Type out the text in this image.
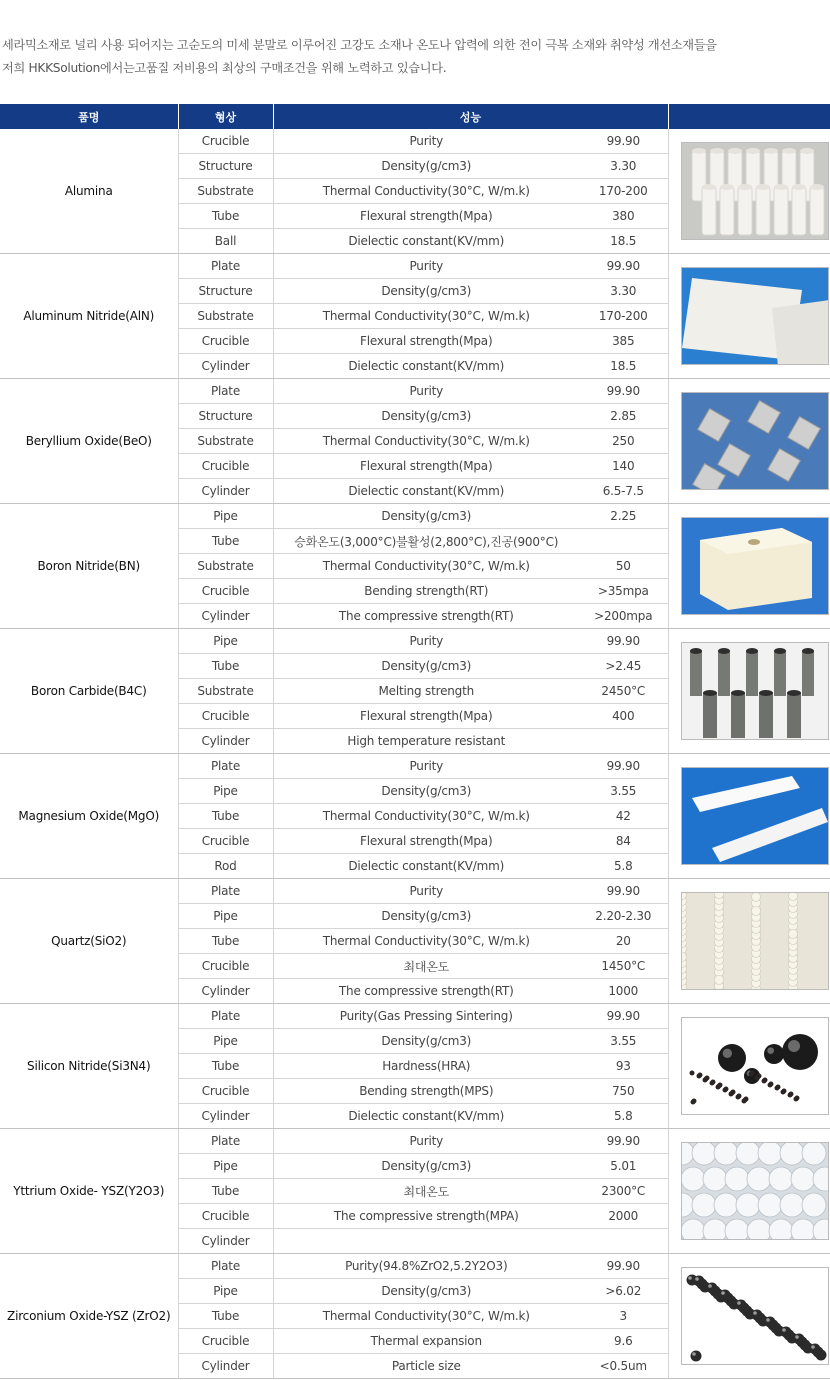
세라믹소재로 널리 사용 되어지는 고순도의 미세 분말로 이루어진 고강도 소재나 온도나 압력에 의한 전이 극복 소재와 취약성 개선소재들을

저희 HKKSolution에서는고품질 저비용의 최상의 구매조건을 위해 노력하고 있습니다.

품명	형상	성능		
Alumina	Crucible	Purity	99.90	

	Structure	Density(g/cm3)	3.30	
	Substrate	Thermal Conductivity(30°C, W/m.k)	170-200	
	Tube	Flexural strength(Mpa)	380	
	Ball	Dielectic constant(KV/mm)	18.5	
Aluminum Nitride(AlN)	Plate	Purity	99.90	

	Structure	Density(g/cm3)	3.30	
	Substrate	Thermal Conductivity(30°C, W/m.k)	170-200	
	Crucible	Flexural strength(Mpa)	385	
	Cylinder	Dielectic constant(KV/mm)	18.5	
Beryllium Oxide(BeO)	Plate	Purity	99.90	

	Structure	Density(g/cm3)	2.85	
	Substrate	Thermal Conductivity(30°C, W/m.k)	250	
	Crucible	Flexural strength(Mpa)	140	
	Cylinder	Dielectic constant(KV/mm)	6.5-7.5	
Boron Nitride(BN)	Pipe	Density(g/cm3)	2.25	

	Tube	승화온도(3,000°C)불활성(2,800°C),진공(900°C)		
	Substrate	Thermal Conductivity(30°C, W/m.k)	50	
	Crucible	Bending strength(RT)	>35mpa	
	Cylinder	The compressive strength(RT)	>200mpa	
Boron Carbide(B4C)	Pipe	Purity	99.90	

	Tube	Density(g/cm3)	>2.45	
	Substrate	Melting strength	2450°C	
	Crucible	Flexural strength(Mpa)	400	
	Cylinder	High temperature resistant		
Magnesium Oxide(MgO)	Plate	Purity	99.90	

	Pipe	Density(g/cm3)	3.55	
	Tube	Thermal Conductivity(30°C, W/m.k)	42	
	Crucible	Flexural strength(Mpa)	84	
	Rod	Dielectic constant(KV/mm)	5.8	
Quartz(SiO2)	Plate	Purity	99.90	

	Pipe	Density(g/cm3)	2.20-2.30	
	Tube	Thermal Conductivity(30°C, W/m.k)	20	
	Crucible	최대온도	1450°C	
	Cylinder	The compressive strength(RT)	1000	
Silicon Nitride(Si3N4)	Plate	Purity(Gas Pressing Sintering)	99.90	

	Pipe	Density(g/cm3)	3.55	
	Tube	Hardness(HRA)	93	
	Crucible	Bending strength(MPS)	750	
	Cylinder	Dielectic constant(KV/mm)	5.8	
Yttrium Oxide- YSZ(Y2O3)	Plate	Purity	99.90	

	Pipe	Density(g/cm3)	5.01	
	Tube	최대온도	2300°C	
	Crucible	The compressive strength(MPA)	2000	
	Cylinder			
Zirconium Oxide-YSZ (ZrO2)	Plate	Purity(94.8%ZrO2,5.2Y2O3)	99.90	

	Pipe	Density(g/cm3)	>6.02	
	Tube	Thermal Conductivity(30°C, W/m.k)	3	
	Crucible	Thermal expansion	9.6	
	Cylinder	Particle size	<0.5um	
